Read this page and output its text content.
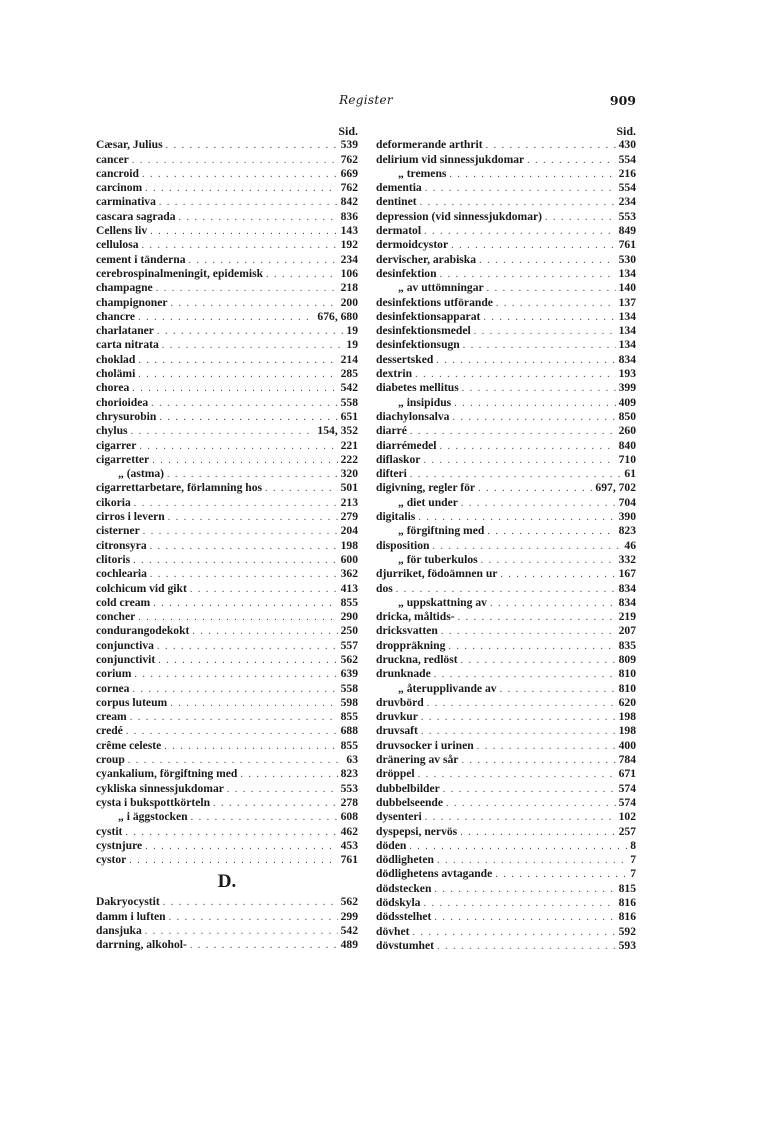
Register	909
Sid.
Cæsar, Julius . . .	539
cancer . . .	762
cancroid . . .	669
carcinom . . .	762
carminativa . . .	842
cascara sagrada . . .	836
Cellens liv . . .	143
cellulosa . . .	192
cement i tänderna . . .	234
cerebrospinalmeningit, epidemisk . . .	106
champagne . . .	218
champignoner . . .	200
chancre . . .	676, 680
charlataner . . .	19
carta nitrata . . .	19
choklad . . .	214
cholämi . . .	285
chorea . . .	542
chorioidea . . .	558
chrysurobin . . .	651
chylus . . .	154, 352
cigarrer . . .	221
cigarretter . . .	222
„ (astma) . . .	320
cigarrettarbetare, förlamning hos . . .	501
cikoria . . .	213
cirros i levern . . .	279
cisterner . . .	204
citronsyra . . .	198
clitoris . . .	600
cochlearia . . .	362
colchicum vid gikt . . .	413
cold cream . . .	855
concher . . .	290
condurangodekokt . . .	250
conjunctiva . . .	557
conjunctivit . . .	562
corium . . .	639
cornea . . .	558
corpus luteum . . .	598
cream . . .	855
credé . . .	688
crême celeste . . .	855
croup . . .	63
cyankalium, förgiftning med . . .	823
cykliska sinnessjukdomar . . .	553
cysta i bukspottkörteln . . .	278
„ i äggstocken . . .	608
cystit . . .	462
cystnjure . . .	453
cystor . . .	761
D.
Dakryocystit . . .	562
damm i luften . . .	299
dansjuka . . .	542
darrning, alkohol- . . .	489
Sid.
deformerande arthrit . . .	430
delirium vid sinnessjukdomar . . .	554
„ tremens . . .	216
dementia . . .	554
dentinet . . .	234
depression (vid sinnessjukdomar) . . .	553
dermatol . . .	849
dermoidcystor . . .	761
dervischer, arabiska . . .	530
desinfektion . . .	134
„ av uttömningar . . .	140
desinfektions utförande . . .	137
desinfektionsapparat . . .	134
desinfektionsmedel . . .	134
desinfektionsugn . . .	134
dessertsked . . .	834
dextrin . . .	193
diabetes mellitus . . .	399
„ insipidus . . .	409
diachylonsalva . . .	850
diarré . . .	260
diarrémedel . . .	840
diflaskor . . .	710
difteri . . .	61
digivning, regler för . . .	697, 702
„ diet under . . .	704
digitalis . . .	390
„ förgiftning med . . .	823
disposition . . .	46
„ för tuberkulos . . .	332
djurriket, födoämnen ur . . .	167
dos . . .	834
„ uppskattning av . . .	834
dricka, måltids- . . .	219
dricksvatten . . .	207
droppräkning . . .	835
druckna, redlöst . . .	809
drunknade . . .	810
„ återupplivande av . . .	810
druvbörd . . .	620
druvkur . . .	198
druvsaft . . .	198
druvsocker i urinen . . .	400
dränering av sår . . .	784
dröppel . . .	671
dubbelbilder . . .	574
dubbelseende . . .	574
dysenteri . . .	102
dyspepsi, nervös . . .	257
döden . . .	8
dödligheten . . .	7
dödlighetens avtagande . . .	7
dödstecken . . .	815
dödskyla . . .	816
dödsstelhet . . .	816
dövhet . . .	592
dövstumhet . . .	593
